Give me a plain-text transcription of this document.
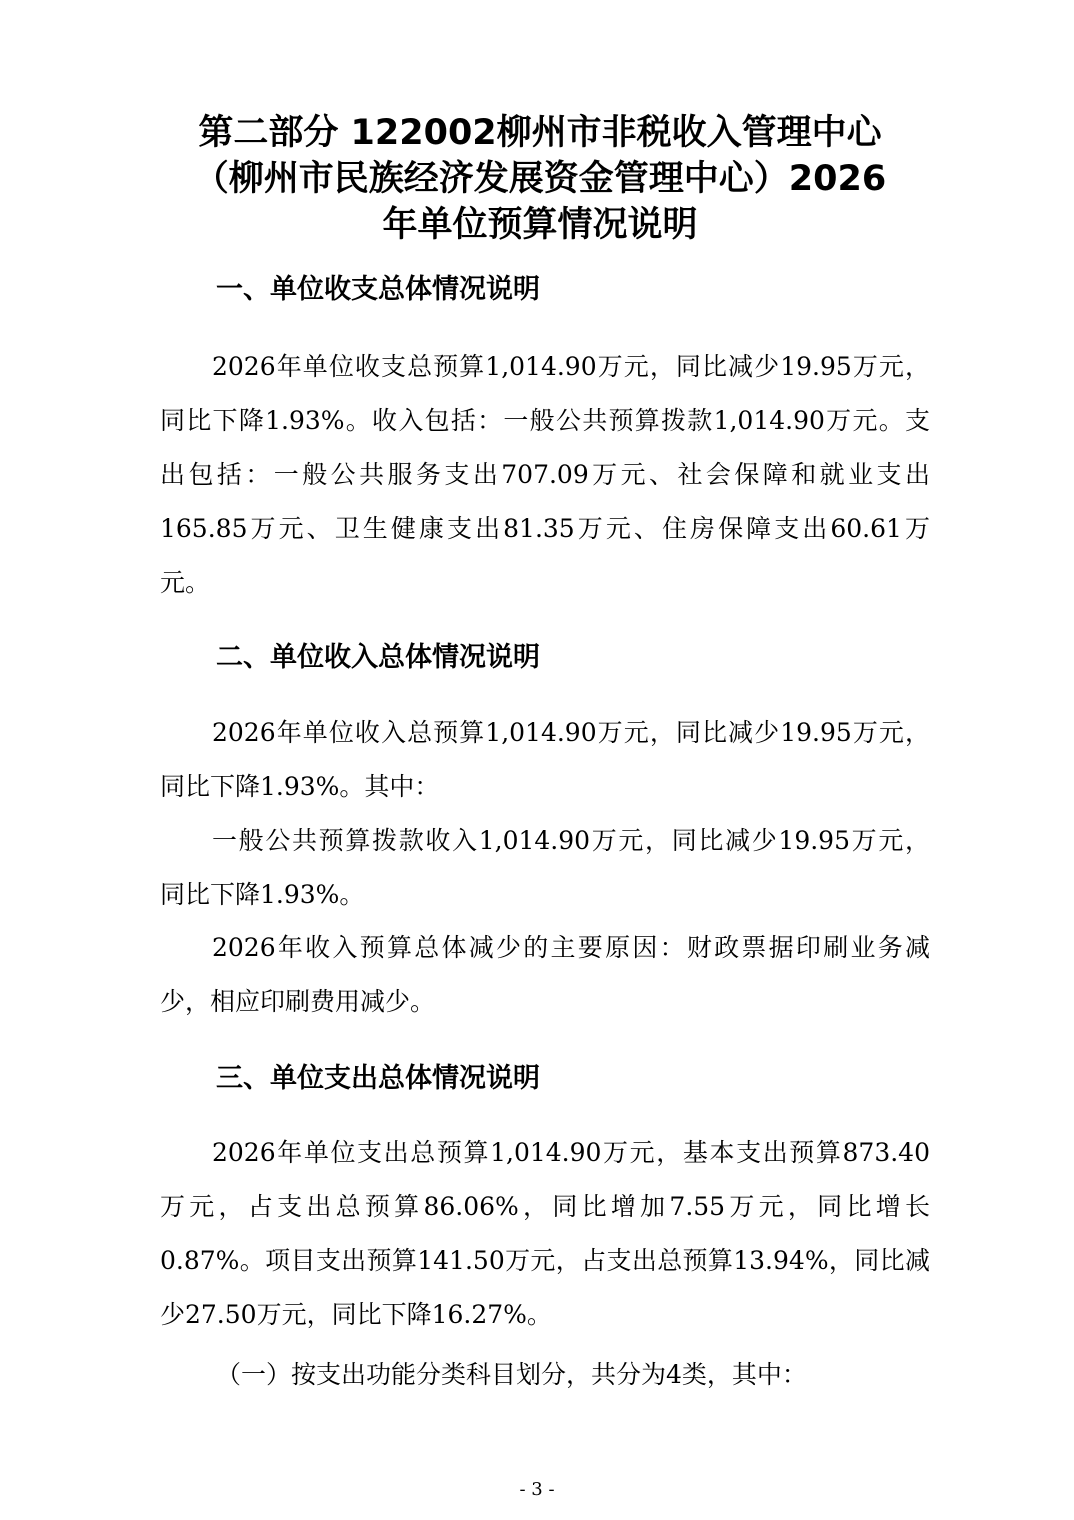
第二部分 122002柳州市非税收入管理中心
（柳州市民族经济发展资金管理中心）2026
年单位预算情况说明
一、单位收支总体情况说明
2026年单位收支总预算1,014.90万元，同比减少19.95万元，
同比下降1.93%。收入包括：一般公共预算拨款1,014.90万元。支
出包括：一般公共服务支出707.09万元、社会保障和就业支出
165.85万元、卫生健康支出81.35万元、住房保障支出60.61万
元。
二、单位收入总体情况说明
2026年单位收入总预算1,014.90万元，同比减少19.95万元，
同比下降1.93%。其中：
一般公共预算拨款收入1,014.90万元，同比减少19.95万元，
同比下降1.93%。
2026年收入预算总体减少的主要原因：财政票据印刷业务减
少，相应印刷费用减少。
三、单位支出总体情况说明
2026年单位支出总预算1,014.90万元，基本支出预算873.40
万元，占支出总预算86.06%，同比增加7.55万元，同比增长
0.87%。项目支出预算141.50万元，占支出总预算13.94%，同比减
少27.50万元，同比下降16.27%。

（一）按支出功能分类科目划分，共分为4类，其中：

- 3 -
